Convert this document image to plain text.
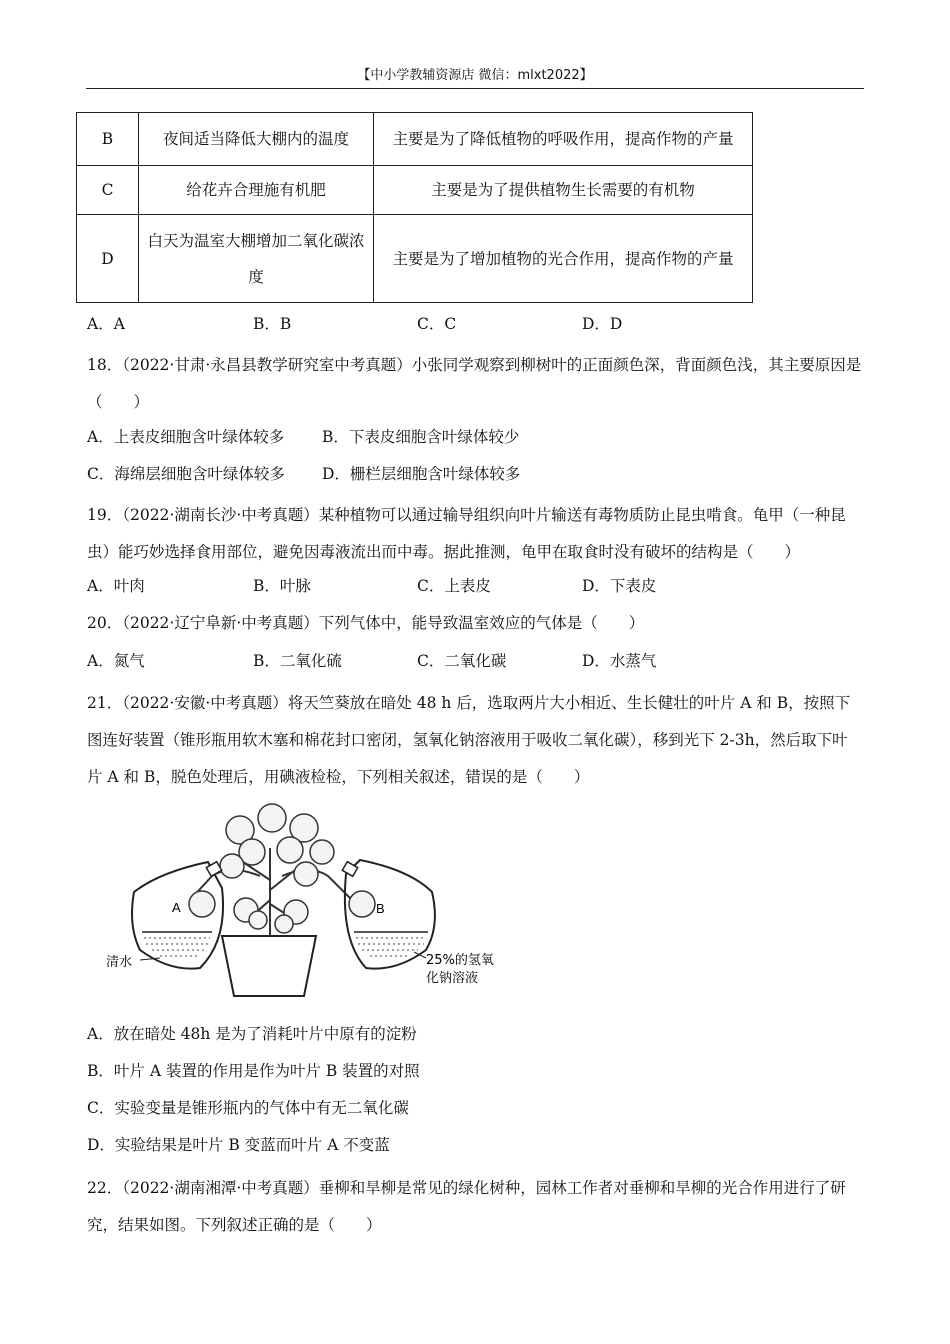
【中小学教辅资源店 微信：mlxt2022】
B	夜间适当降低大棚内的温度	主要是为了降低植物的呼吸作用，提高作物的产量
C	给花卉合理施有机肥	主要是为了提供植物生长需要的有机物
D	白天为温室大棚增加二氧化碳浓度	主要是为了增加植物的光合作用，提高作物的产量
A．A	B．B	C．C	D．D
18．（2022·甘肃·永昌县教学研究室中考真题）小张同学观察到柳树叶的正面颜色深，背面颜色浅，其主要原因是（　　）
A．上表皮细胞含叶绿体较多 B．下表皮细胞含叶绿体较少
C．海绵层细胞含叶绿体较多 D．栅栏层细胞含叶绿体较多
19．（2022·湖南长沙·中考真题）某种植物可以通过输导组织向叶片输送有毒物质防止昆虫啃食。龟甲（一种昆虫）能巧妙选择食用部位，避免因毒液流出而中毒。据此推测，龟甲在取食时没有破坏的结构是（　　）
A．叶肉	B．叶脉	C．上表皮	D．下表皮
20．（2022·辽宁阜新·中考真题）下列气体中，能导致温室效应的气体是（　　）
A．氮气	B．二氧化硫	C．二氧化碳	D．水蒸气
21．（2022·安徽·中考真题）将天竺葵放在暗处 48 h 后，选取两片大小相近、生长健壮的叶片 A 和 B，按照下图连好装置（锥形瓶用软木塞和棉花封口密闭，氢氧化钠溶液用于吸收二氧化碳），移到光下 2-3h，然后取下叶片 A 和 B，脱色处理后，用碘液检检，下列相关叙述，错误的是（　　）
A	B
清水	25%的氢氧
化钠溶液
A．放在暗处 48h 是为了消耗叶片中原有的淀粉
B．叶片 A 装置的作用是作为叶片 B 装置的对照
C．实验变量是锥形瓶内的气体中有无二氧化碳
D．实验结果是叶片 B 变蓝而叶片 A 不变蓝
22．（2022·湖南湘潭·中考真题）垂柳和旱柳是常见的绿化树种，园林工作者对垂柳和旱柳的光合作用进行了研究，结果如图。下列叙述正确的是（　　）
